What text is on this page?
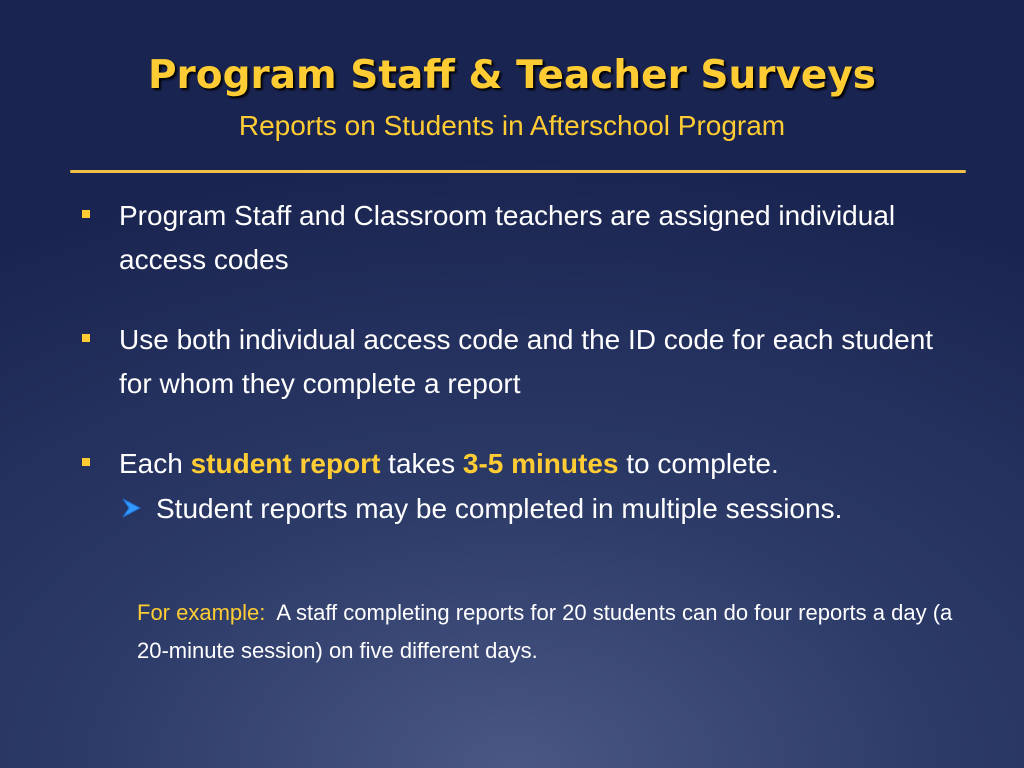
Program Staff & Teacher Surveys
Reports on Students in Afterschool Program
Program Staff and Classroom teachers are assigned individual access codes
Use both individual access code and the ID code for each student for whom they complete a report
Each student report takes 3-5 minutes to complete.
Student reports may be completed in multiple sessions.
For example: A staff completing reports for 20 students can do four reports a day (a 20-minute session) on five different days.
